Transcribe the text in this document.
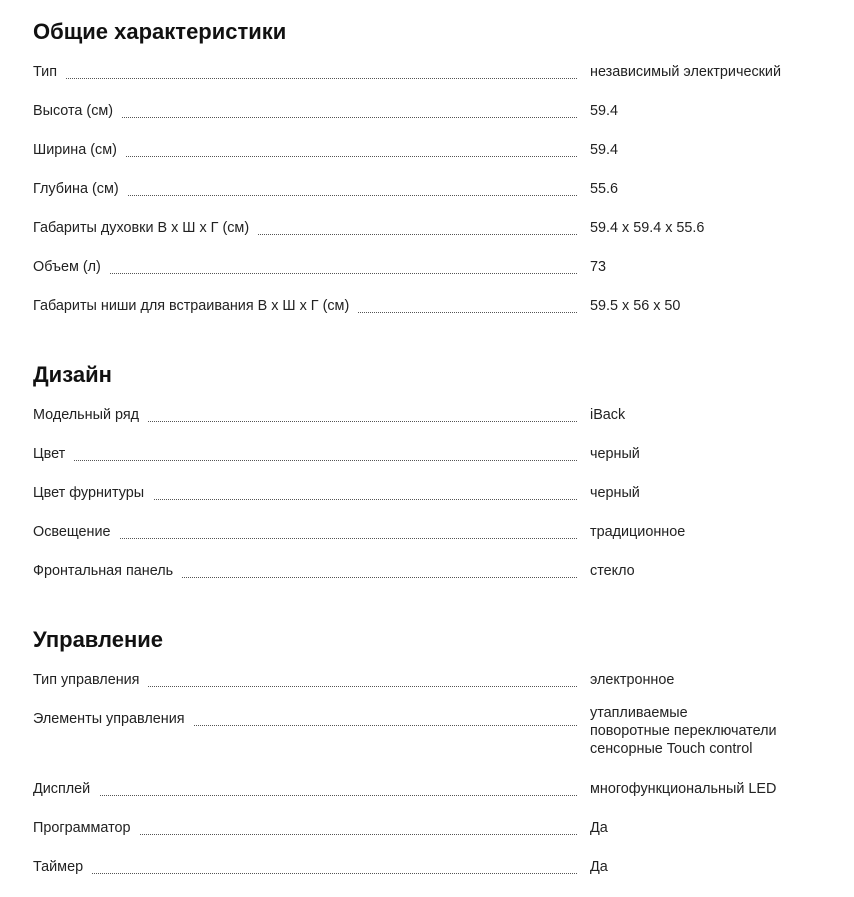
Общие характеристики
Тип	независимый электрический
Высота (см)	59.4
Ширина (см)	59.4
Глубина (см)	55.6
Габариты духовки В х Ш х Г (см)	59.4 х 59.4 х 55.6
Объем (л)	73
Габариты ниши для встраивания В х Ш х Г (см)	59.5 х 56 х 50
Дизайн
Модельный ряд	iBack
Цвет	черный
Цвет фурнитуры	черный
Освещение	традиционное
Фронтальная панель	стекло
Управление
Тип управления	электронное
Элементы управления	утапливаемые
поворотные переключатели
сенсорные Touch control
Дисплей	многофункциональный LED
Программатор	Да
Таймер	Да
